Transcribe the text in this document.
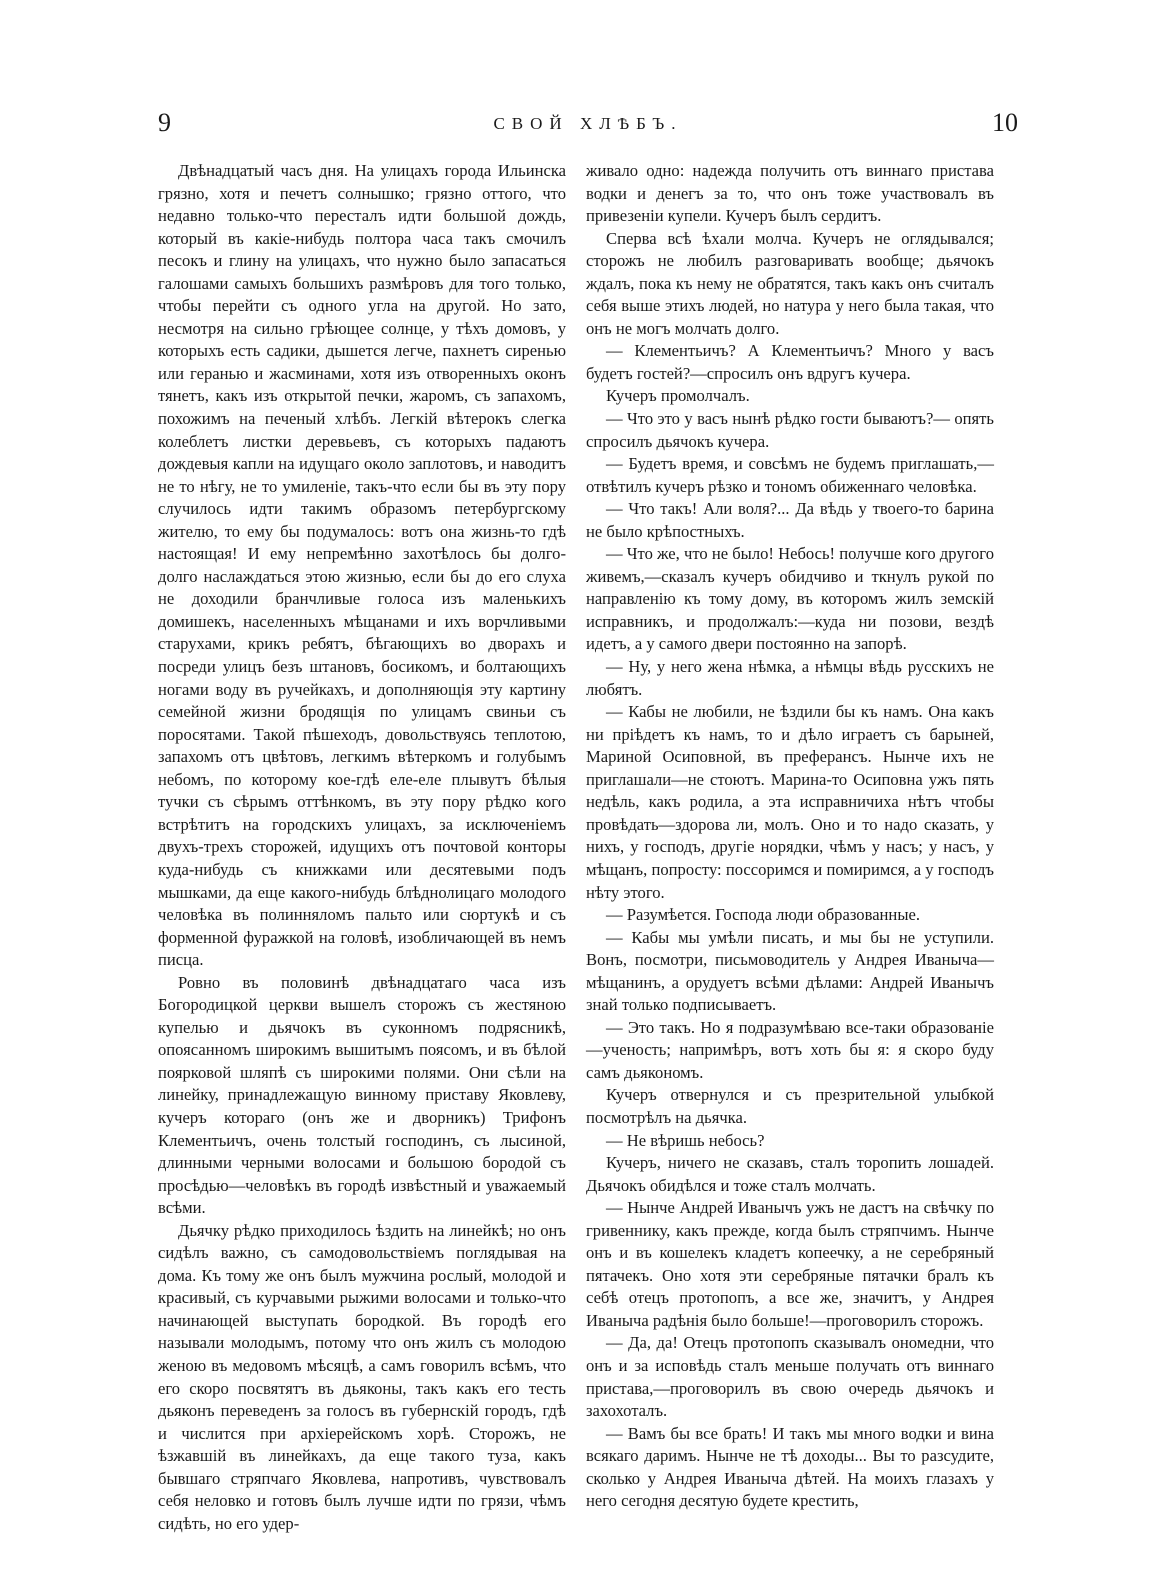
9	СВОЙ ХЛѢБЪ.	10

Двѣнадцатый часъ дня. На улицахъ города Ильинска грязно, хотя и печетъ солнышко; грязно оттого, что недавно только-что пересталъ идти большой дождь, который въ какіе-нибудь полтора часа такъ смочилъ песокъ и глину на улицахъ, что нужно было запасаться галошами самыхъ большихъ размѣровъ для того только, чтобы перейти съ одного угла на другой. Но зато, несмотря на сильно грѣющее солнце, у тѣхъ домовъ, у которыхъ есть садики, дышется легче, пахнетъ сиренью или геранью и жасминами, хотя изъ отворенныхъ оконъ тянетъ, какъ изъ открытой печки, жаромъ, съ запахомъ, похожимъ на печеный хлѣбъ. Легкій вѣтерокъ слегка колеблетъ листки деревьевъ, съ которыхъ падаютъ дождевыя капли на идущаго около заплотовъ, и наводитъ не то нѣгу, не то умиленіе, такъ-что если бы въ эту пору случилось идти такимъ образомъ петербургскому жителю, то ему бы подумалось: вотъ она жизнь-то гдѣ настоящая! И ему непремѣнно захотѣлось бы долго-долго наслаждаться этою жизнью, если бы до его слуха не доходили бранчливые голоса изъ маленькихъ домишекъ, населенныхъ мѣщанами и ихъ ворчливыми старухами, крикъ ребятъ, бѣгающихъ во дворахъ и посреди улицъ безъ штановъ, босикомъ, и болтающихъ ногами воду въ ручейкахъ, и дополняющія эту картину семейной жизни бродящія по улицамъ свиньи съ поросятами. Такой пѣшеходъ, довольствуясь теплотою, запахомъ отъ цвѣтовъ, легкимъ вѣтеркомъ и голубымъ небомъ, по которому кое-гдѣ еле-еле плывутъ бѣлыя тучки съ сѣрымъ оттѣнкомъ, въ эту пору рѣдко кого встрѣтитъ на городскихъ улицахъ, за исключеніемъ двухъ-трехъ сторожей, идущихъ отъ почтовой конторы куда-нибудь съ книжками или десятевыми подъ мышками, да еще какого-нибудь блѣднолицаго молодого человѣка въ полинняломъ пальто или сюртукѣ и съ форменной фуражкой на головѣ, изобличающей въ немъ писца.

Ровно въ половинѣ двѣнадцатаго часа изъ Богородицкой церкви вышелъ сторожъ съ жестяною купелью и дьячокъ въ суконномъ подрясникѣ, опоясанномъ широкимъ вышитымъ поясомъ, и въ бѣлой поярковой шляпѣ съ широкими полями. Они сѣли на линейку, принадлежащую винному приставу Яковлеву, кучеръ котораго (онъ же и дворникъ) Трифонъ Клементьичъ, очень толстый господинъ, съ лысиной, длинными черными волосами и большою бородой съ просѣдью—человѣкъ въ городѣ извѣстный и уважаемый всѣми.

Дьячку рѣдко приходилось ѣздить на линейкѣ; но онъ сидѣлъ важно, съ самодовольствіемъ поглядывая на дома. Къ тому же онъ былъ мужчина рослый, молодой и красивый, съ курчавыми рыжими волосами и только-что начинающей выступать бородкой. Въ городѣ его называли молодымъ, потому что онъ жилъ съ молодою женою въ медовомъ мѣсяцѣ, а самъ говорилъ всѣмъ, что его скоро посвятятъ въ дьяконы, такъ какъ его тесть дьяконъ переведенъ за голосъ въ губернскій городъ, гдѣ и числится при архіерейскомъ хорѣ. Сторожъ, не ѣзжавшій въ линейкахъ, да еще такого туза, какъ бывшаго стряпчаго Яковлева, напротивъ, чувствовалъ себя неловко и готовъ былъ лучше идти по грязи, чѣмъ сидѣть, но его удер-

живало одно: надежда получить отъ виннаго пристава водки и денегъ за то, что онъ тоже участвовалъ въ привезеніи купели. Кучеръ былъ сердитъ.

Сперва всѣ ѣхали молча. Кучеръ не оглядывался; сторожъ не любилъ разговаривать вообще; дьячокъ ждалъ, пока къ нему не обратятся, такъ какъ онъ считалъ себя выше этихъ людей, но натура у него была такая, что онъ не могъ молчать долго.

— Клементьичъ? А Клементьичъ? Много у васъ будетъ гостей?—спросилъ онъ вдругъ кучера.

Кучеръ промолчалъ.

— Что это у васъ нынѣ рѣдко гости бываютъ?— опять спросилъ дьячокъ кучера.

— Будетъ время, и совсѣмъ не будемъ приглашать,—отвѣтилъ кучеръ рѣзко и тономъ обиженнаго человѣка.

— Что такъ! Али воля?... Да вѣдь у твоего-то барина не было крѣпостныхъ.

— Что же, что не было! Небось! получше кого другого живемъ,—сказалъ кучеръ обидчиво и ткнулъ рукой по направленію къ тому дому, въ которомъ жилъ земскій исправникъ, и продолжалъ:—куда ни позови, вездѣ идетъ, а у самого двери постоянно на запорѣ.

— Ну, у него жена нѣмка, а нѣмцы вѣдь русскихъ не любятъ.

— Кабы не любили, не ѣздили бы къ намъ. Она какъ ни пріѣдетъ къ намъ, то и дѣло играетъ съ барыней, Мариной Осиповной, въ преферансъ. Нынче ихъ не приглашали—не стоютъ. Марина-то Осиповна ужъ пять недѣль, какъ родила, а эта исправничиха нѣтъ чтобы провѣдать—здорова ли, молъ. Оно и то надо сказать, у нихъ, у господъ, другіе норядки, чѣмъ у насъ; у насъ, у мѣщанъ, попросту: поссоримся и помиримся, а у господъ нѣту этого.

— Разумѣется. Господа люди образованные.

— Кабы мы умѣли писать, и мы бы не уступили. Вонъ, посмотри, письмоводитель у Андрея Иваныча— мѣщанинъ, а орудуетъ всѣми дѣлами: Андрей Иванычъ знай только подписываетъ.

— Это такъ. Но я подразумѣваю все-таки образованіе—ученость; напримѣръ, вотъ хоть бы я: я скоро буду самъ дьякономъ.

Кучеръ отвернулся и съ презрительной улыбкой посмотрѣлъ на дьячка.

— Не вѣришь небось?

Кучеръ, ничего не сказавъ, сталъ торопить лошадей. Дьячокъ обидѣлся и тоже сталъ молчать.

— Нынче Андрей Иванычъ ужъ не дастъ на свѣчку по гривеннику, какъ прежде, когда былъ стряпчимъ. Нынче онъ и въ кошелекъ кладетъ копеечку, а не серебряный пятачекъ. Оно хотя эти серебряные пятачки бралъ къ себѣ отецъ протопопъ, а все же, значитъ, у Андрея Иваныча радѣнія было больше!—проговорилъ сторожъ.

— Да, да! Отецъ протопопъ сказывалъ ономедни, что онъ и за исповѣдь сталъ меньше получать отъ виннаго пристава,—проговорилъ въ свою очередь дьячокъ и захохоталъ.

— Вамъ бы все брать! И такъ мы много водки и вина всякаго даримъ. Нынче не тѣ доходы... Вы то разсудите, сколько у Андрея Иваныча дѣтей. На моихъ глазахъ у него сегодня десятую будете крестить,
